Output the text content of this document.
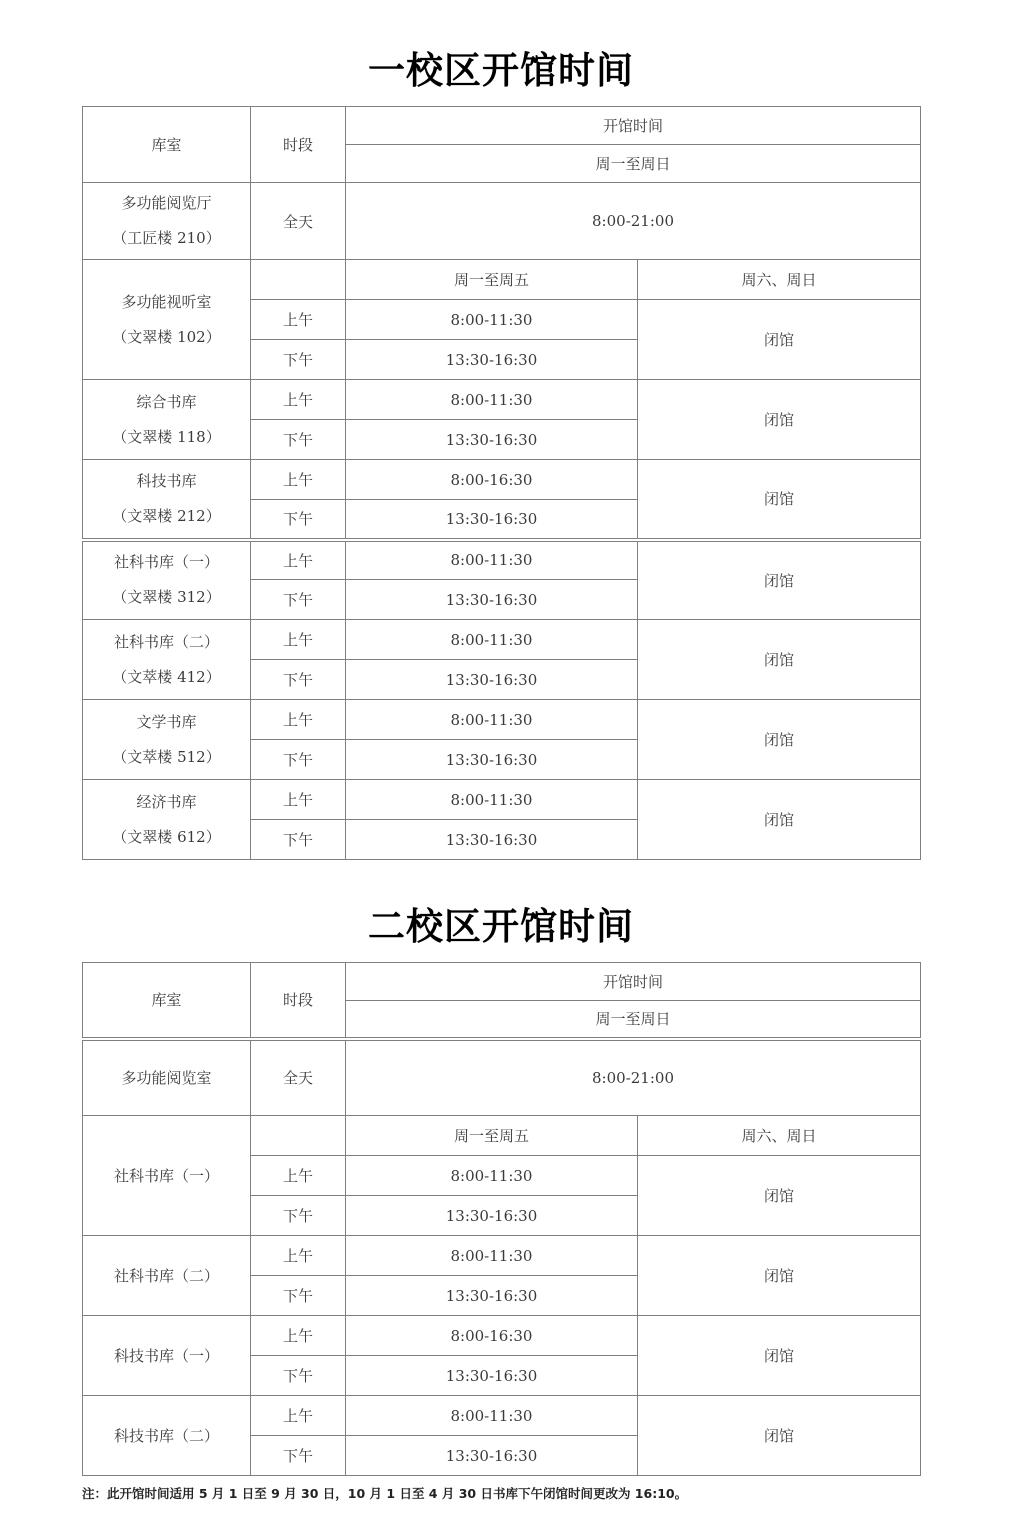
一校区开馆时间
库室	时段	开馆时间	
		周一至周日	

多功能阅览厅
（工匠楼 210）	全天	8:00-21:00	

多功能视听室
（文翠楼 102）		周一至周五	周六、周日
	上午	8:00-11:30	闭馆
	下午	13:30-16:30	

综合书库
（文翠楼 118）	上午	8:00-11:30	闭馆
	下午	13:30-16:30	

科技书库
（文翠楼 212）	上午	8:00-16:30	闭馆
	下午	13:30-16:30	

社科书库（一）
（文翠楼 312）	上午	8:00-11:30	闭馆
	下午	13:30-16:30	

社科书库（二）
（文萃楼 412）	上午	8:00-11:30	闭馆
	下午	13:30-16:30	

文学书库
（文萃楼 512）	上午	8:00-11:30	闭馆
	下午	13:30-16:30	

经济书库
（文翠楼 612）	上午	8:00-11:30	闭馆
	下午	13:30-16:30	
二校区开馆时间
库室	时段	开馆时间	
		周一至周日	
多功能阅览室	全天	8:00-21:00	
社科书库（一）		周一至周五	周六、周日
	上午	8:00-11:30	闭馆
	下午	13:30-16:30	
社科书库（二）	上午	8:00-11:30	闭馆
	下午	13:30-16:30	
科技书库（一）	上午	8:00-16:30	闭馆
	下午	13:30-16:30	
科技书库（二）	上午	8:00-11:30	闭馆
	下午	13:30-16:30	

注：此开馆时间适用 5 月 1 日至 9 月 30 日，10 月 1 日至 4 月 30 日书库下午闭馆时间更改为 16:10。
